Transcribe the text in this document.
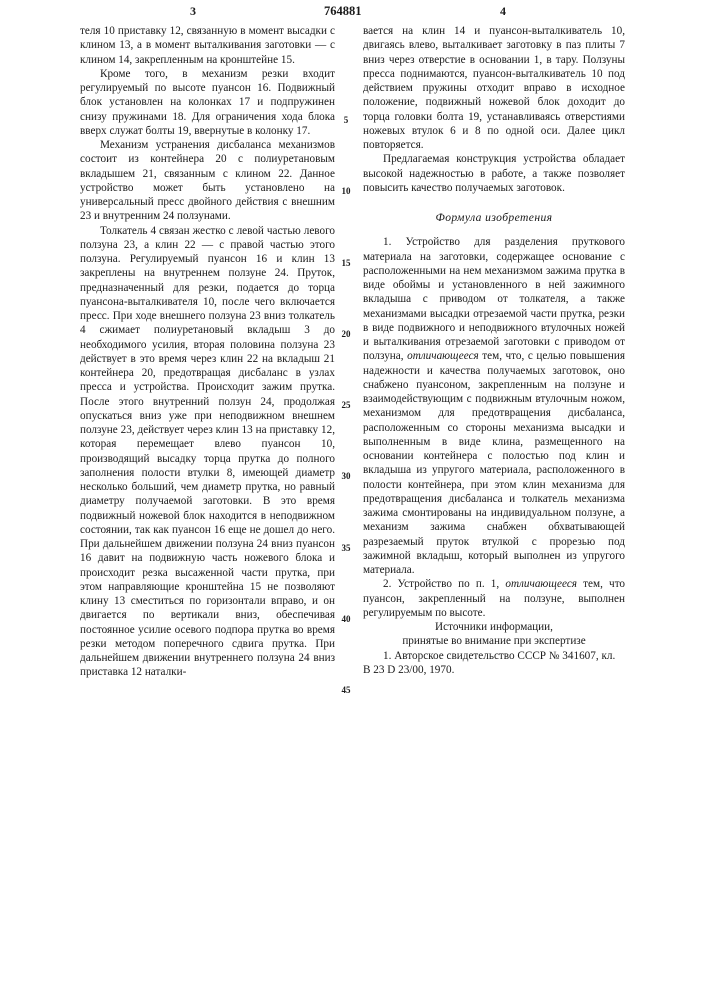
3	764881	4

теля 10 приставку 12, связанную в момент высадки с клином 13, а в момент выталкивания заготовки — с клином 14, закрепленным на кронштейне 15.

Кроме того, в механизм резки входит регулируемый по высоте пуансон 16. Подвижный блок установлен на колонках 17 и подпружинен снизу пружинами 18. Для ограничения хода блока вверх служат болты 19, ввернутые в колонку 17.

Механизм устранения дисбаланса механизмов состоит из контейнера 20 с полиуретановым вкладышем 21, связанным с клином 22. Данное устройство может быть установлено на универсальный пресс двойного действия с внешним 23 и внутренним 24 ползунами.

Толкатель 4 связан жестко с левой частью левого ползуна 23, а клин 22 — с правой частью этого ползуна. Регулируемый пуансон 16 и клин 13 закреплены на внутреннем ползуне 24. Пруток, предназначенный для резки, подается до торца пуансона-выталкивателя 10, после чего включается пресс. При ходе внешнего ползуна 23 вниз толкатель 4 сжимает полиуретановый вкладыш 3 до необходимого усилия, вторая половина ползуна 23 действует в это время через клин 22 на вкладыш 21 контейнера 20, предотвращая дисбаланс в узлах пресса и устройства. Происходит зажим прутка. После этого внутренний ползун 24, продолжая опускаться вниз уже при неподвижном внешнем ползуне 23, действует через клин 13 на приставку 12, которая перемещает влево пуансон 10, производящий высадку торца прутка до полного заполнения полости втулки 8, имеющей диаметр несколько больший, чем диаметр прутка, но равный диаметру получаемой заготовки. В это время подвижный ножевой блок находится в неподвижном состоянии, так как пуансон 16 еще не дошел до него. При дальнейшем движении ползуна 24 вниз пуансон 16 давит на подвижную часть ножевого блока и происходит резка высаженной части прутка, при этом направляющие кронштейна 15 не позволяют клину 13 сместиться по горизонтали вправо, и он двигается по вертикали вниз, обеспечивая постоянное усилие осевого подпора прутка во время резки методом поперечного сдвига прутка. При дальнейшем движении внутреннего ползуна 24 вниз приставка 12 наталки-

5
10
15
20
25
30
35
40
45

вается на клин 14 и пуансон-выталкиватель 10, двигаясь влево, выталкивает заготовку в паз плиты 7 вниз через отверстие в основании 1, в тару. Ползуны пресса поднимаются, пуансон-выталкиватель 10 под действием пружины отходит вправо в исходное положение, подвижный ножевой блок доходит до торца головки болта 19, устанавливаясь отверстиями ножевых втулок 6 и 8 по одной оси. Далее цикл повторяется.

Предлагаемая конструкция устройства обладает высокой надежностью в работе, а также позволяет повысить качество получаемых заготовок.

Формула изобретения

1. Устройство для разделения пруткового материала на заготовки, содержащее основание с расположенными на нем механизмом зажима прутка в виде обоймы и установленного в ней зажимного вкладыша с приводом от толкателя, а также механизмами высадки отрезаемой части прутка, резки в виде подвижного и неподвижного втулочных ножей и выталкивания отрезаемой заготовки с приводом от ползуна, отличающееся тем, что, с целью повышения надежности и качества получаемых заготовок, оно снабжено пуансоном, закрепленным на ползуне и взаимодействующим с подвижным втулочным ножом, механизмом для предотвращения дисбаланса, расположенным со стороны механизма высадки и выполненным в виде клина, размещенного на основании контейнера с полостью под клин и вкладыша из упругого материала, расположенного в полости контейнера, при этом клин механизма для предотвращения дисбаланса и толкатель механизма зажима смонтированы на индивидуальном ползуне, а механизм зажима снабжен обхватывающей разрезаемый пруток втулкой с прорезью под зажимной вкладыш, который выполнен из упругого материала.

2. Устройство по п. 1, отличающееся тем, что пуансон, закрепленный на ползуне, выполнен регулируемым по высоте.

Источники информации,

принятые во внимание при экспертизе

1. Авторское свидетельство СССР № 341607, кл. В 23 D 23/00, 1970.
